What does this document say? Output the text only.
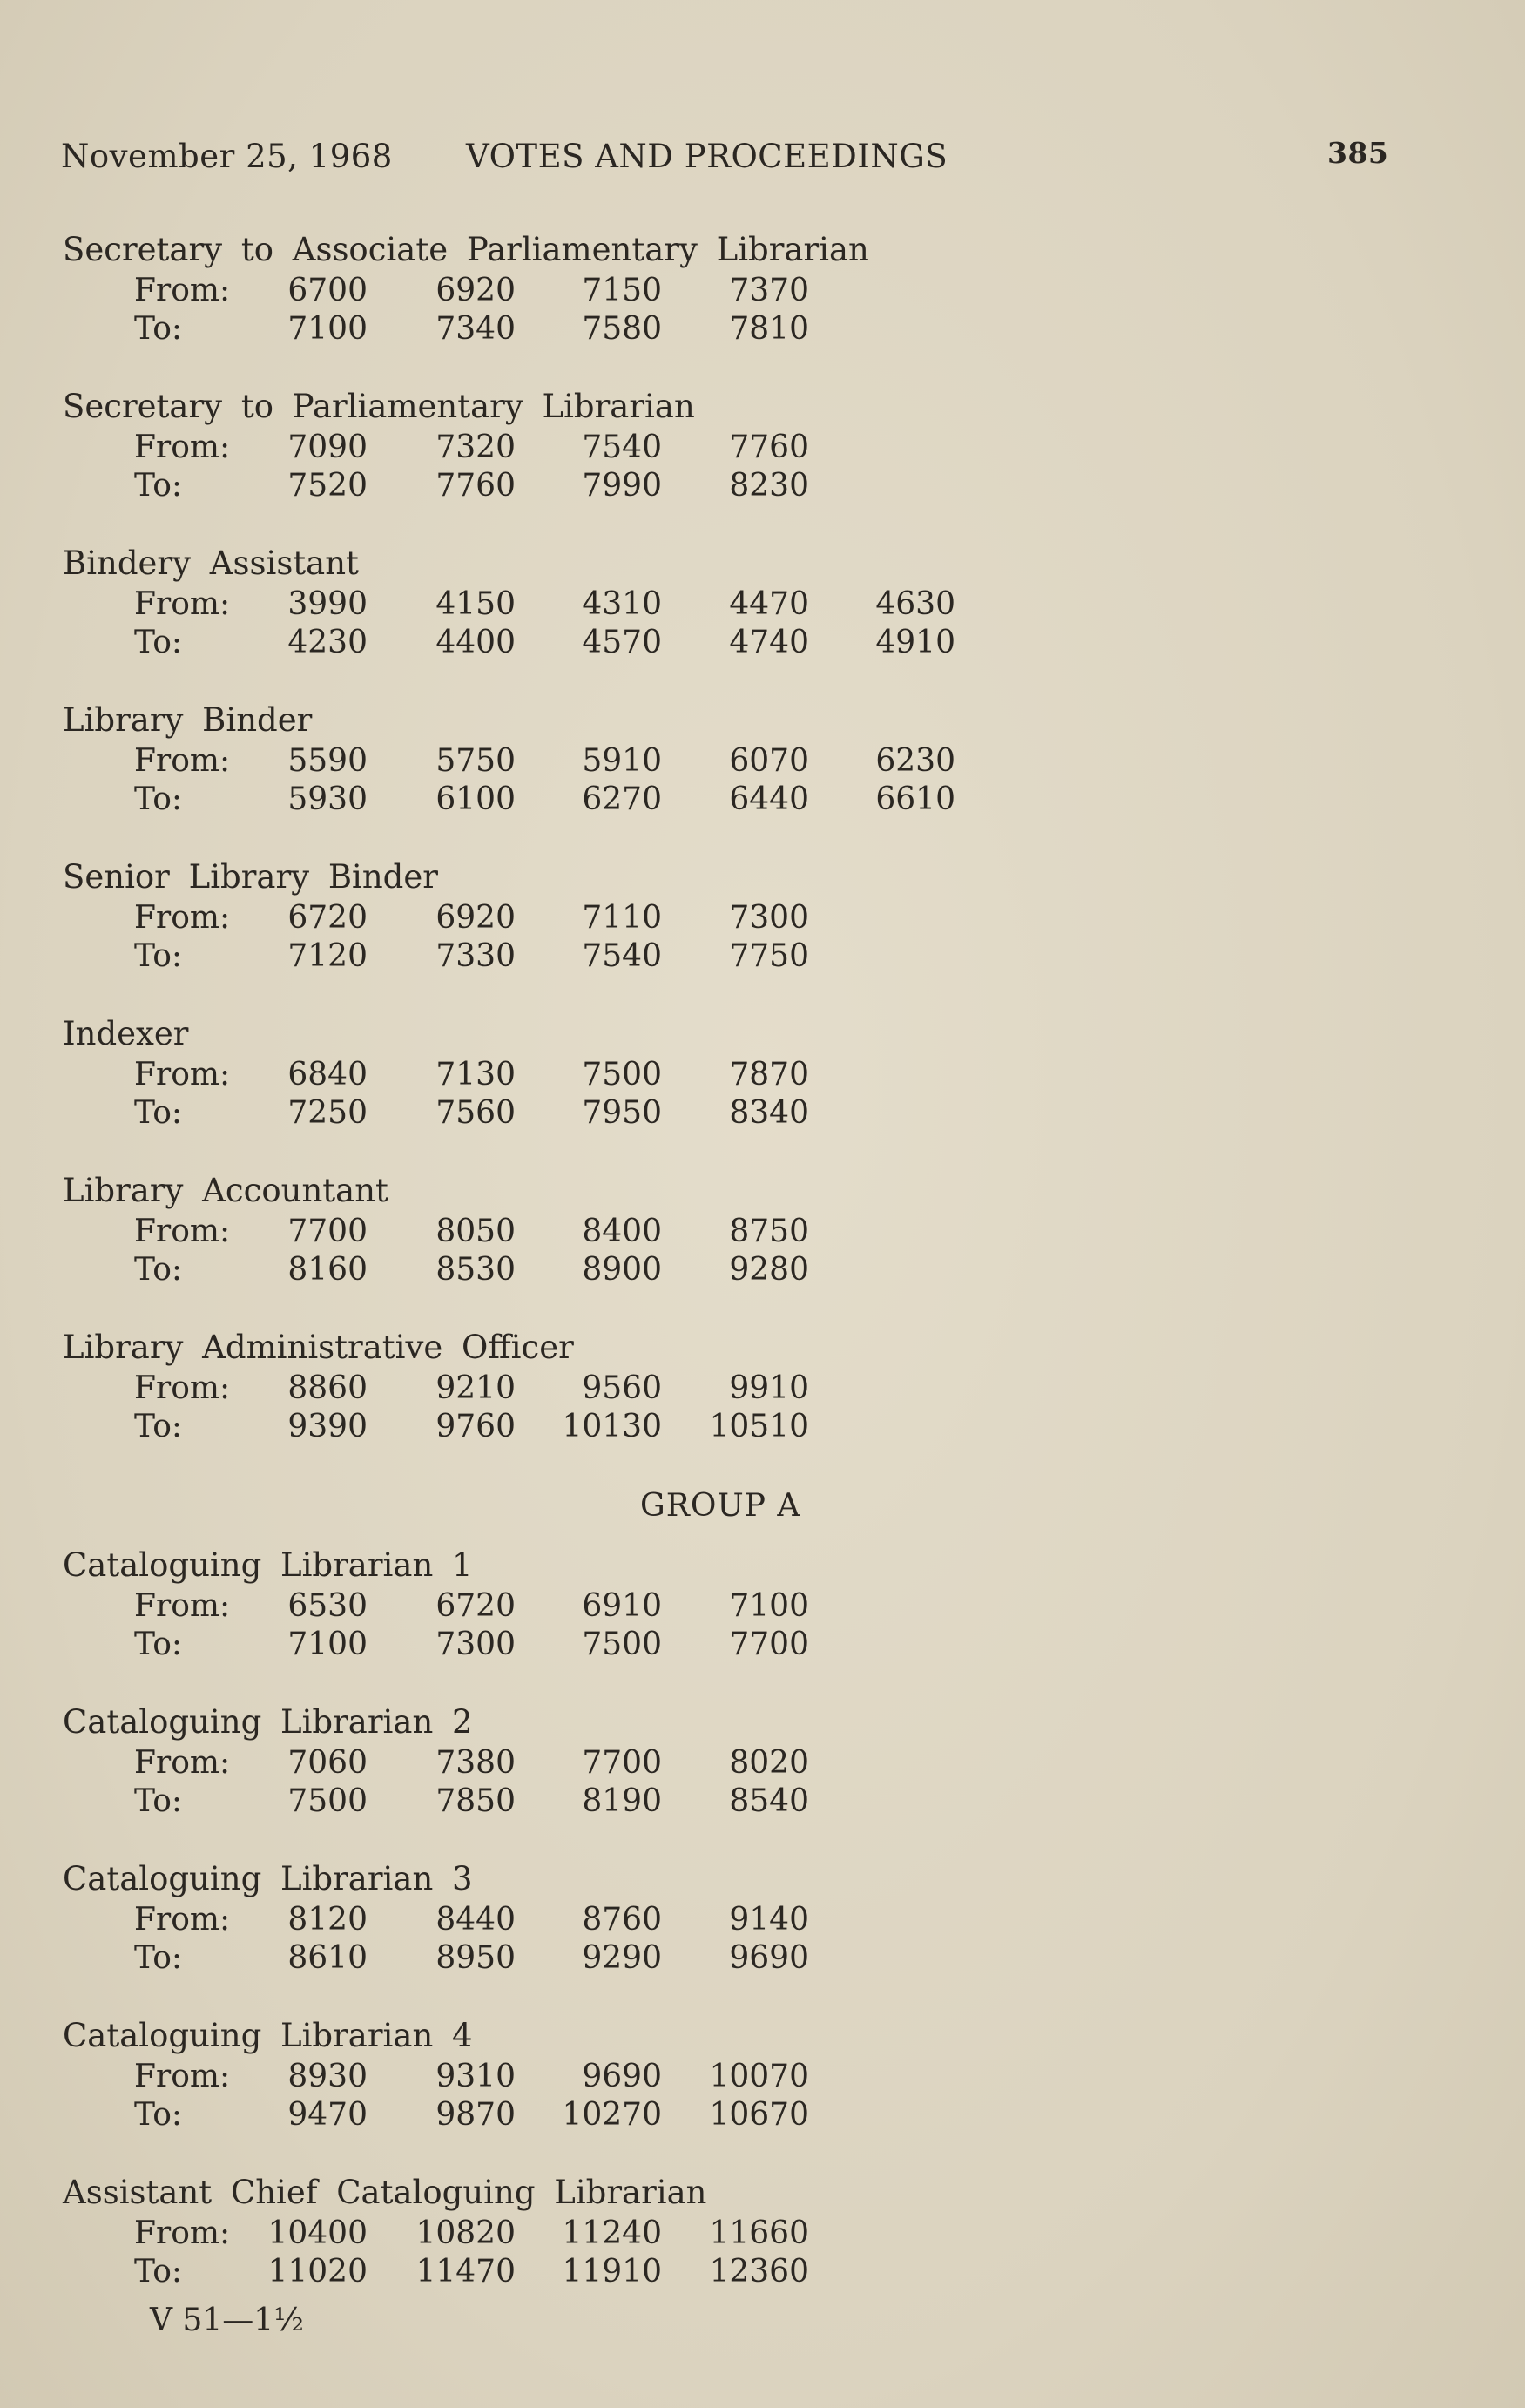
November 25, 1968 VOTES AND PROCEEDINGS	385
Secretary to Associate Parliamentary Librarian
From:	6700	6920	7150	7370
To:	7100	7340	7580	7810
Secretary to Parliamentary Librarian
From:	7090	7320	7540	7760
To:	7520	7760	7990	8230
Bindery Assistant
From:	3990	4150	4310	4470	4630
To:	4230	4400	4570	4740	4910
Library Binder
From:	5590	5750	5910	6070	6230
To:	5930	6100	6270	6440	6610
Senior Library Binder
From:	6720	6920	7110	7300
To:	7120	7330	7540	7750
Indexer
From:	6840	7130	7500	7870
To:	7250	7560	7950	8340
Library Accountant
From:	7700	8050	8400	8750
To:	8160	8530	8900	9280
Library Administrative Officer
From:	8860	9210	9560	9910
To:	9390	9760	10130	10510
Cataloguing Librarian 1
From:	6530	6720	6910	7100
To:	7100	7300	7500	7700
Cataloguing Librarian 2
From:	7060	7380	7700	8020
To:	7500	7850	8190	8540
Cataloguing Librarian 3
From:	8120	8440	8760	9140
To:	8610	8950	9290	9690
Cataloguing Librarian 4
From:	8930	9310	9690	10070
To:	9470	9870	10270	10670
Assistant Chief Cataloguing Librarian
From:	10400	10820	11240	11660
To:	11020	11470	11910	12360
GROUP A
V 51—1½
